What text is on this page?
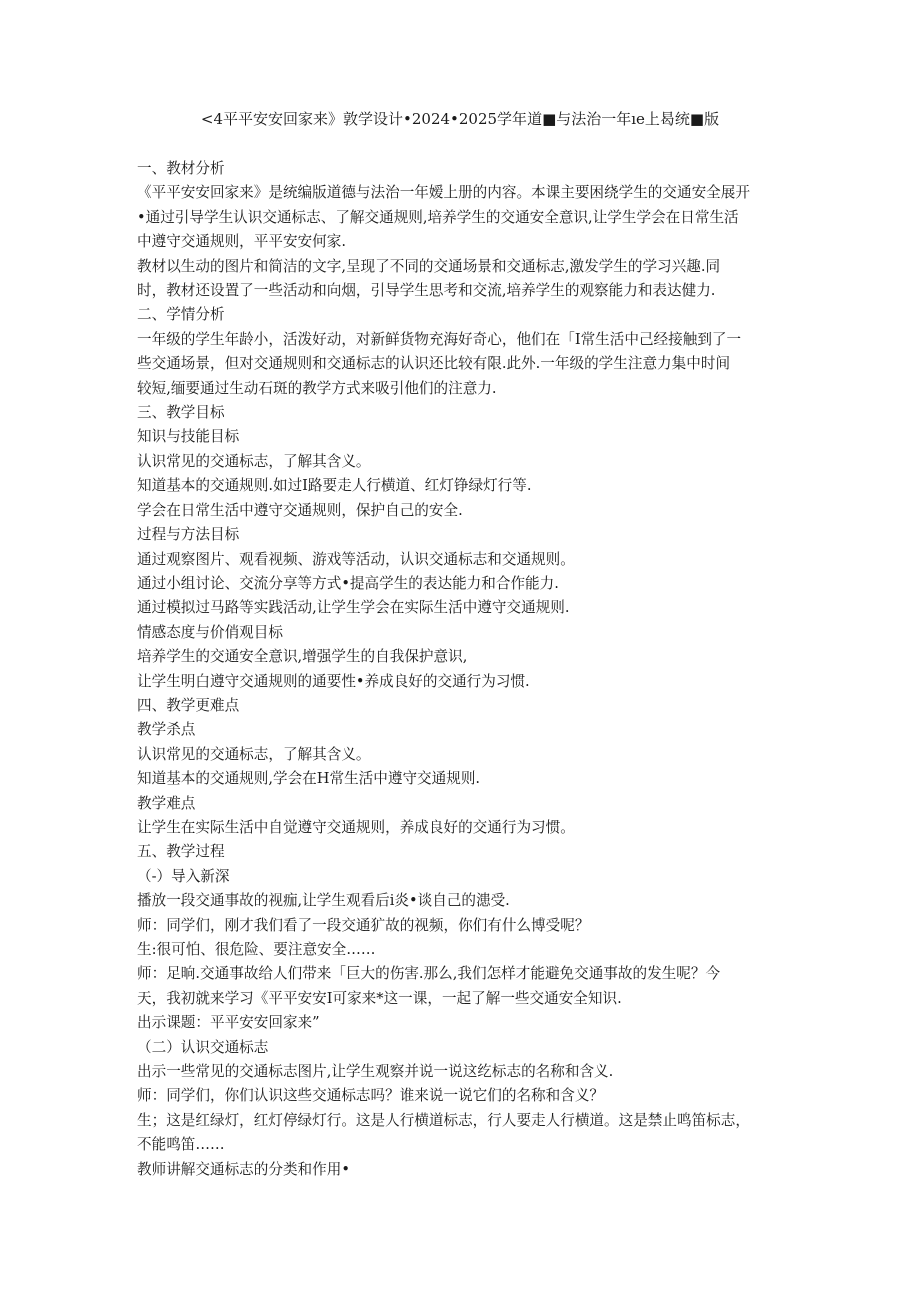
<4平平安安回家来》敦学设计•2024•2025学年道■与法治一年ıe上曷统■版
一、教材分析
《平平安安回家来》是统编版道德与法治一年嫒上册的内容。本课主要困绕学生的交通安全展开
•通过引导学生认识交通标志、了解交通规则,培养学生的交通安全意识,让学生学会在日常生活
中遵守交通规则，平平安安何家.
教材以生动的图片和简洁的文字,呈现了不同的交通场景和交通标志,激发学生的学习兴趣.同
时，教材还设置了一些活动和向烟，引导学生思考和交流,培养学生的观察能力和表达健力.
二、学情分析
一年级的学生年龄小，活泼好动，对新鲜货物充海好奇心，他们在「I常生活中己经接触到了一
些交通场景，但对交通规则和交通标志的认识还比较有限.此外.一年级的学生注意力集中时间
较短,缅要通过生动石斑的教学方式来吸引他们的注意力.
三、教学目标
知识与技能目标
认识常见的交通标志，了解其含义。
知道基本的交通规则.如过I路要走人行横道、红灯铮绿灯行等.
学会在日常生活中遵守交通规则，保护自己的安全.
过程与方法目标
通过观察图片、观看视频、游戏等活动，认识交通标志和交通规则。
通过小组讨论、交流分享等方式•提高学生的表达能力和合作能力.
通过模拟过马路等实践活动,让学生学会在实际生活中遵守交通规则.
情感态度与价俏观目标
培养学生的交通安全意识,增强学生的自我保护意识,
让学生明白遵守交通规则的通要性•养成良好的交通行为习惯.
四、教学更难点
教学杀点
认识常见的交通标志，了解其含义。
知道基本的交通规则,学会在H常生活中遵守交通规则.
教学难点
让学生在实际生活中自觉遵守交通规则，养成良好的交通行为习惯。
五、教学过程
（-）导入新深
播放一段交通事故的视痂,让学生观看后i炎•谈自己的漶受.
师：同学们，刚才我们看了一段交通犷故的视频，你们有什么博受呢？
生:很可怕、很危险、要注意安全……
师：足晌.交通事故给人们带来「巨大的伤害.那么,我们怎样才能避免交通事故的发生呢？今
天，我初就来学习《平平安安I可家来*这一课，一起了解一些交通安全知识.
出示课题：平平安安回家来”
（二）认识交通标志
出示一些常见的交通标志图片,让学生观察并说一说这纥标志的名称和含义.
师：同学们，你们认识这些交通标志吗？谁来说一说它们的名称和含义？
生；这是红绿灯，红灯停绿灯行。这是人行横道标志，行人要走人行横道。这是禁止鸣笛标志，
不能鸣笛……
教师讲解交通标志的分类和作用•
